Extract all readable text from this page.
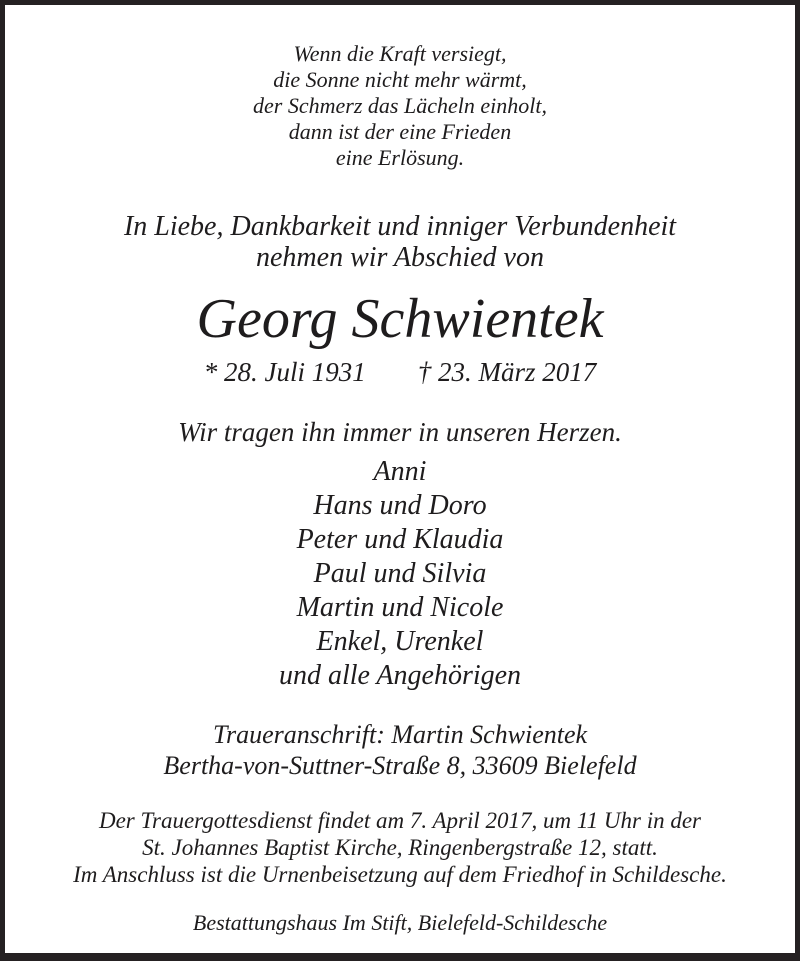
Wenn die Kraft versiegt,
die Sonne nicht mehr wärmt,
der Schmerz das Lächeln einholt,
dann ist der eine Frieden
eine Erlösung.
In Liebe, Dankbarkeit und inniger Verbundenheit
nehmen wir Abschied von
Georg Schwientek
* 28. Juli 1931 † 23. März 2017
Wir tragen ihn immer in unseren Herzen.
Anni
Hans und Doro
Peter und Klaudia
Paul und Silvia
Martin und Nicole
Enkel, Urenkel
und alle Angehörigen
Traueranschrift: Martin Schwientek
Bertha-von-Suttner-Straße 8, 33609 Bielefeld
Der Trauergottesdienst findet am 7. April 2017, um 11 Uhr in der
St. Johannes Baptist Kirche, Ringenbergstraße 12, statt.
Im Anschluss ist die Urnenbeisetzung auf dem Friedhof in Schildesche.
Bestattungshaus Im Stift, Bielefeld-Schildesche
